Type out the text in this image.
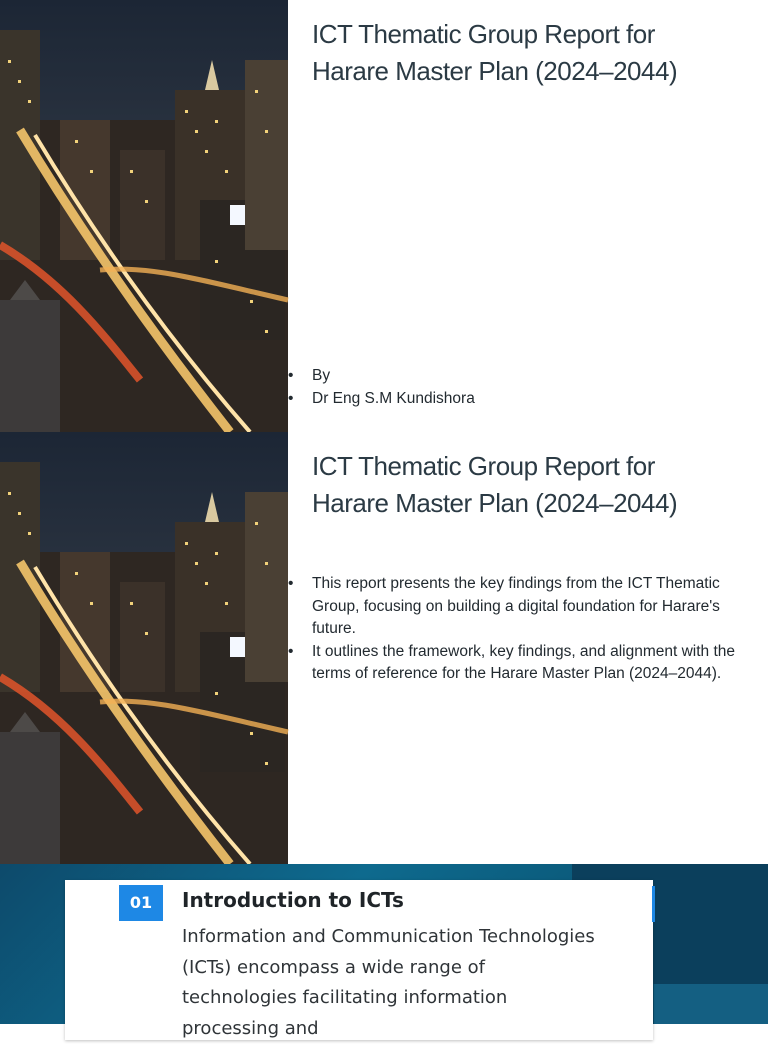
ICT Thematic Group Report for
Harare Master Plan (2024–2044)
• By
• Dr Eng S.M Kundishora
ICT Thematic Group Report for
Harare Master Plan (2024–2044)
• This report presents the key findings from the ICT Thematic Group, focusing on building a digital foundation for Harare's future.
• It outlines the framework, key findings, and alignment with the terms of reference for the Harare Master Plan (2024–2044).
01	Introduction to ICTs

Information and Communication Technologies (ICTs) encompass a wide range of technologies facilitating information processing and
